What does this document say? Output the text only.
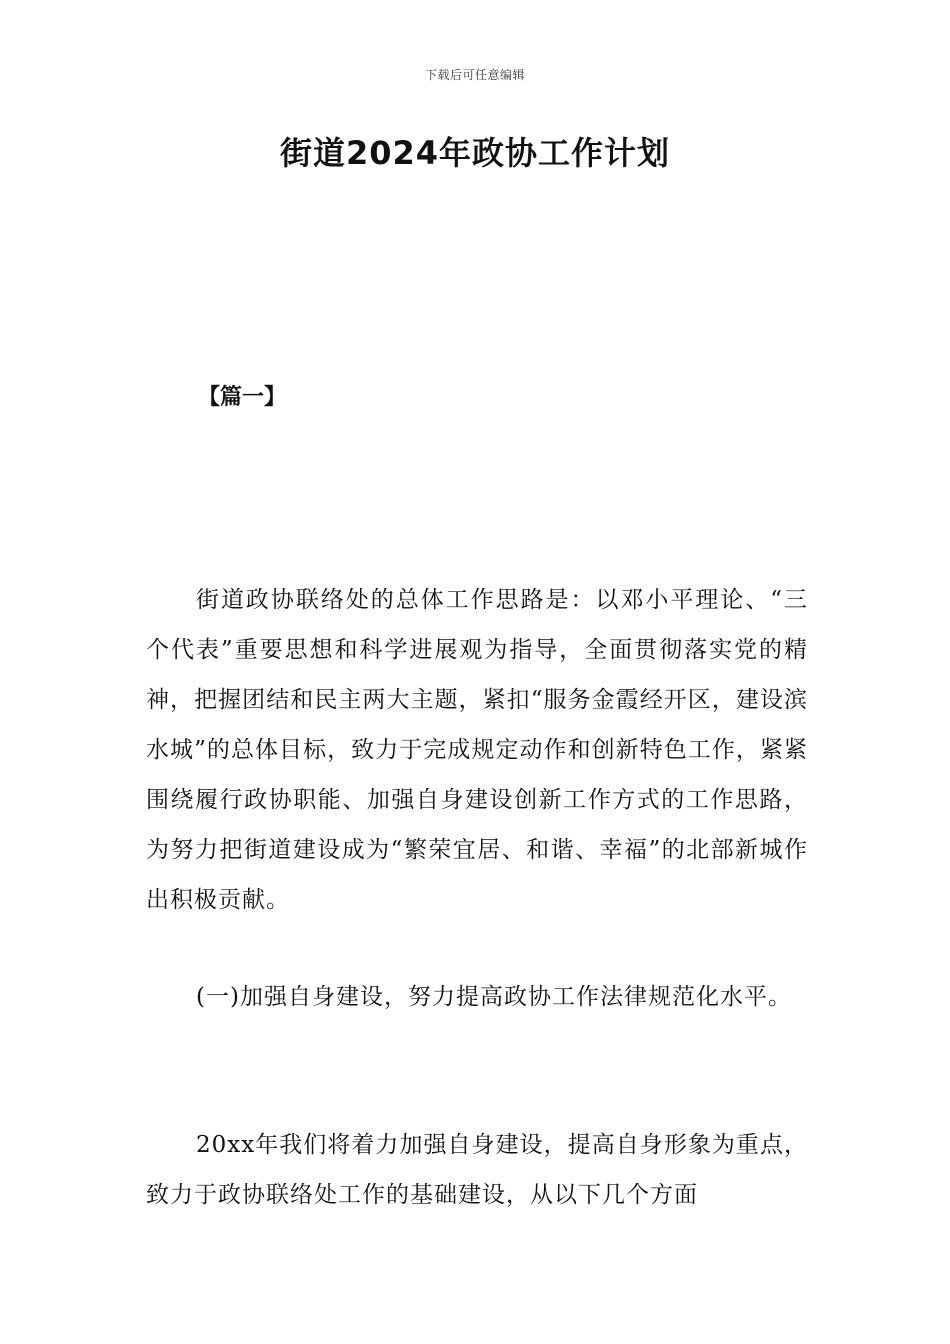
下载后可任意编辑
街道2024年政协工作计划
【篇一】

街道政协联络处的总体工作思路是：以邓小平理论、“三个代表”重要思想和科学进展观为指导，全面贯彻落实党的精神，把握团结和民主两大主题，紧扣“服务金霞经开区，建设滨水城”的总体目标，致力于完成规定动作和创新特色工作，紧紧围绕履行政协职能、加强自身建设创新工作方式的工作思路，为努力把街道建设成为“繁荣宜居、和谐、幸福”的北部新城作出积极贡献。

(一)加强自身建设，努力提高政协工作法律规范化水平。

20xx年我们将着力加强自身建设，提高自身形象为重点，致力于政协联络处工作的基础建设，从以下几个方面
